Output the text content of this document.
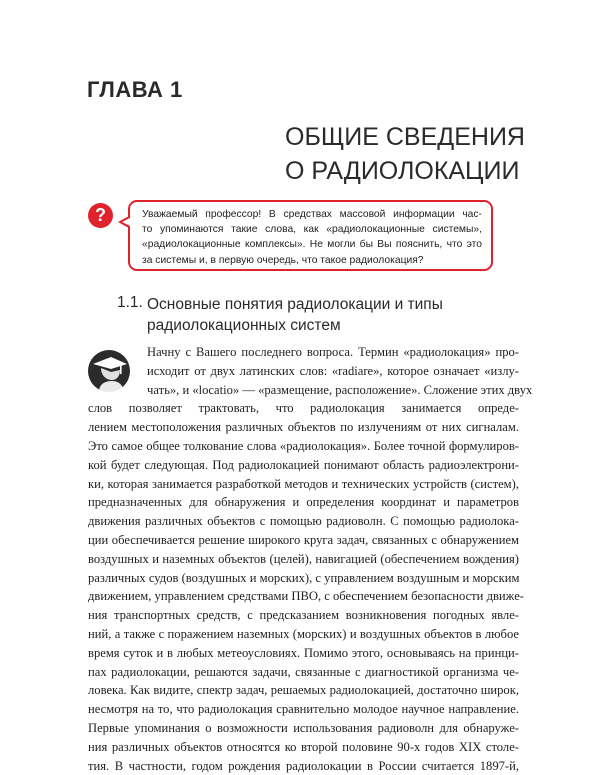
ГЛАВА 1
ОБЩИЕ СВЕДЕНИЯ
О РАДИОЛОКАЦИИ
?	Уважаемый профессор! В средствах массовой информации час-
то упоминаются такие слова, как «радиолокационные системы»,
«радиолокационные комплексы». Не могли бы Вы пояснить, что это
за системы и, в первую очередь, что такое радиолокация?
1.1. Основные понятия радиолокации и типы
радиолокационных систем
Начну с Вашего последнего вопроса. Термин «радиолокация» про-
исходит от двух латинских слов: «radiare», которое означает «излу-
чать», и «locatio» — «размещение, расположение». Сложение этих двух
слов позволяет трактовать, что радиолокация занимается опреде-
лением местоположения различных объектов по излучениям от них сигналам.
Это самое общее толкование слова «радиолокация». Более точной формулиров-
кой будет следующая. Под радиолокацией понимают область радиоэлектрони-
ки, которая занимается разработкой методов и технических устройств (систем),
предназначенных для обнаружения и определения координат и параметров
движения различных объектов с помощью радиоволн. С помощью радиолока-
ции обеспечивается решение широкого круга задач, связанных с обнаружением
воздушных и наземных объектов (целей), навигацией (обеспечением вождения)
различных судов (воздушных и морских), с управлением воздушным и морским
движением, управлением средствами ПВО, с обеспечением безопасности движе-
ния транспортных средств, с предсказанием возникновения погодных явле-
ний, а также с поражением наземных (морских) и воздушных объектов в любое
время суток и в любых метеоусловиях. Помимо этого, основываясь на принци-
пах радиолокации, решаются задачи, связанные с диагностикой организма че-
ловека. Как видите, спектр задач, решаемых радиолокацией, достаточно широк,
несмотря на то, что радиолокация сравнительно молодое научное направление.
Первые упоминания о возможности использования радиоволн для обнаруже-
ния различных объектов относятся ко второй половине 90-х годов XIX столе-
тия. В частности, годом рождения радиолокации в России считается 1897-й,
